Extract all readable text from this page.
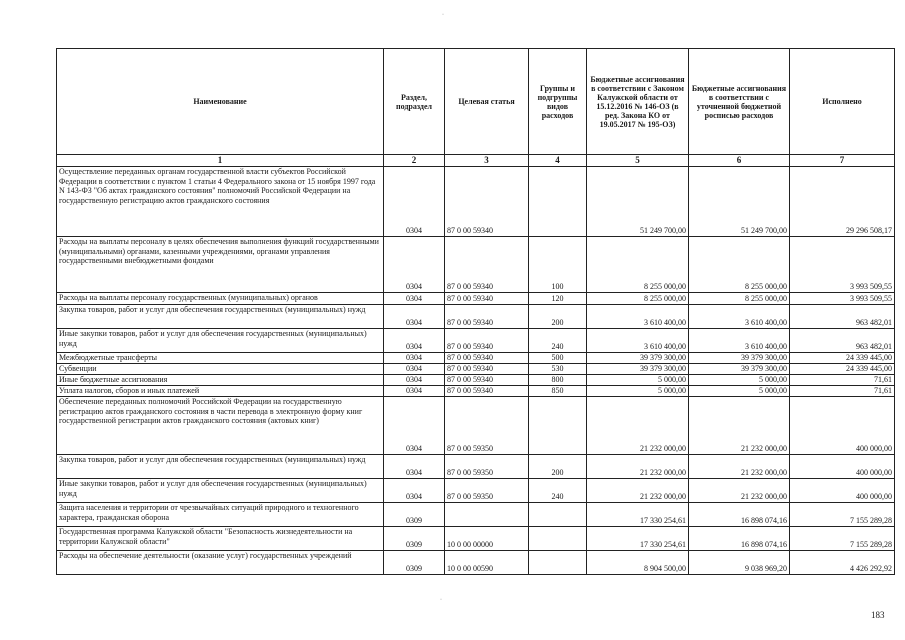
·
·
Наименование	Раздел, подраздел	Целевая статья	Группы и подгруппы видов расходов	Бюджетные ассигнования в соответствии с Законом Калужской области от 15.12.2016 № 146-ОЗ (в ред. Закона КО от 19.05.2017 № 195-ОЗ)	Бюджетные ассигнования в соответствии с уточненной бюджетной росписью расходов	Исполнено
1	2	3	4	5	6	7
Осуществление переданных органам государственной власти субъектов Российской Федерации в соответствии с пунктом 1 статьи 4 Федерального закона от 15 ноября 1997 года N 143-ФЗ "Об актах гражданского состояния" полномочий Российской Федерации на государственную регистрацию актов гражданского состояния	0304	87 0 00 59340		51 249 700,00	51 249 700,00	29 296 508,17
Расходы на выплаты персоналу в целях обеспечения выполнения функций государственными (муниципальными) органами, казенными учреждениями, органами управления государственными внебюджетными фондами	0304	87 0 00 59340	100	8 255 000,00	8 255 000,00	3 993 509,55
Расходы на выплаты персоналу государственных (муниципальных) органов	0304	87 0 00 59340	120	8 255 000,00	8 255 000,00	3 993 509,55
Закупка товаров, работ и услуг для обеспечения государственных (муниципальных) нужд	0304	87 0 00 59340	200	3 610 400,00	3 610 400,00	963 482,01
Иные закупки товаров, работ и услуг для обеспечения государственных (муниципальных) нужд	0304	87 0 00 59340	240	3 610 400,00	3 610 400,00	963 482,01
Межбюджетные трансферты	0304	87 0 00 59340	500	39 379 300,00	39 379 300,00	24 339 445,00
Субвенции	0304	87 0 00 59340	530	39 379 300,00	39 379 300,00	24 339 445,00
Иные бюджетные ассигнования	0304	87 0 00 59340	800	5 000,00	5 000,00	71,61
Уплата налогов, сборов и иных платежей	0304	87 0 00 59340	850	5 000,00	5 000,00	71,61
Обеспечение переданных полномочий Российской Федерации на государственную регистрацию актов гражданского состояния в части перевода в электронную форму книг государственной регистрации актов гражданского состояния (актовых книг)	0304	87 0 00 59350		21 232 000,00	21 232 000,00	400 000,00
Закупка товаров, работ и услуг для обеспечения государственных (муниципальных) нужд	0304	87 0 00 59350	200	21 232 000,00	21 232 000,00	400 000,00
Иные закупки товаров, работ и услуг для обеспечения государственных (муниципальных) нужд	0304	87 0 00 59350	240	21 232 000,00	21 232 000,00	400 000,00
Защита населения и территории от чрезвычайных ситуаций природного и техногенного характера, гражданская оборона	0309			17 330 254,61	16 898 074,16	7 155 289,28
Государственная программа Калужской области "Безопасность жизнедеятельности на территории Калужской области"	0309	10 0 00 00000		17 330 254,61	16 898 074,16	7 155 289,28
Расходы на обеспечение деятельности (оказание услуг) государственных учреждений	0309	10 0 00 00590		8 904 500,00	9 038 969,20	4 426 292,92
183
